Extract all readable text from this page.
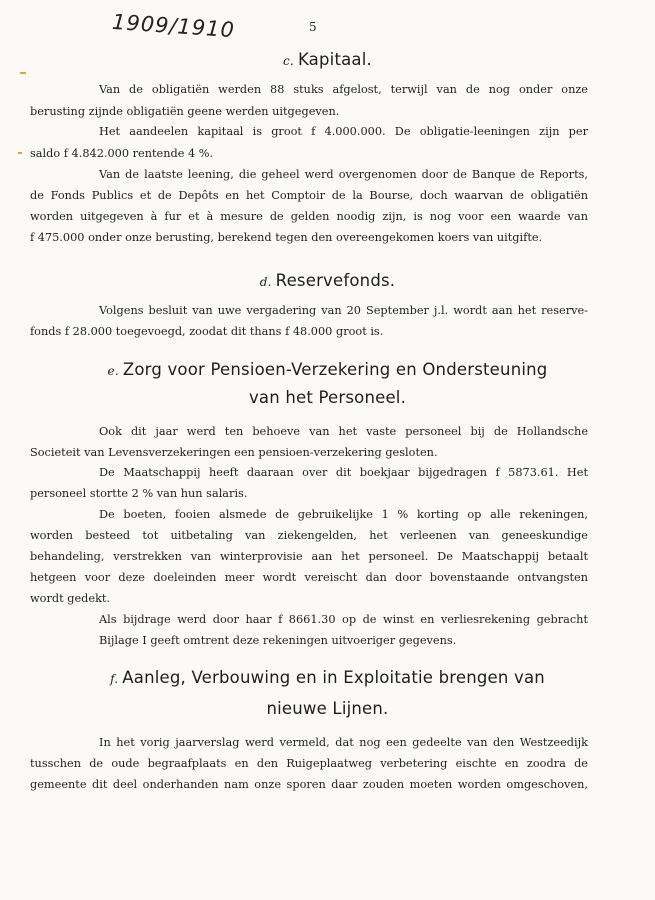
1909/1910	5
c. Kapitaal.
Van de obligatiën werden 88 stuks afgelost, terwijl van de nog onder onze
berusting zijnde obligatiën geene werden uitgegeven.
Het aandeelen kapitaal is groot f 4.000.000. De obligatie-leeningen zijn per
saldo f 4.842.000 rentende 4 %.
Van de laatste leening, die geheel werd overgenomen door de Banque de Reports,
de Fonds Publics et de Depôts en het Comptoir de la Bourse, doch waarvan de obligatiën
worden uitgegeven à fur et à mesure de gelden noodig zijn, is nog voor een waarde van
f 475.000 onder onze berusting, berekend tegen den overeengekomen koers van uitgifte.
d. Reservefonds.
Volgens besluit van uwe vergadering van 20 September j.l. wordt aan het reserve-
fonds f 28.000 toegevoegd, zoodat dit thans f 48.000 groot is.
e. Zorg voor Pensioen-Verzekering en Ondersteuning
van het Personeel.
Ook dit jaar werd ten behoeve van het vaste personeel bij de Hollandsche
Societeit van Levensverzekeringen een pensioen-verzekering gesloten.
De Maatschappij heeft daaraan over dit boekjaar bijgedragen f 5873.61. Het
personeel stortte 2 % van hun salaris.
De boeten, fooien alsmede de gebruikelijke 1 % korting op alle rekeningen,
worden besteed tot uitbetaling van ziekengelden, het verleenen van geneeskundige
behandeling, verstrekken van winterprovisie aan het personeel. De Maatschappij betaalt
hetgeen voor deze doeleinden meer wordt vereischt dan door bovenstaande ontvangsten
wordt gedekt.
Als bijdrage werd door haar f 8661.30 op de winst en verliesrekening gebracht
Bijlage I geeft omtrent deze rekeningen uitvoeriger gegevens.
f. Aanleg, Verbouwing en in Exploitatie brengen van
nieuwe Lijnen.
In het vorig jaarverslag werd vermeld, dat nog een gedeelte van den Westzeedijk
tusschen de oude begraafplaats en den Ruigeplaatweg verbetering eischte en zoodra de
gemeente dit deel onderhanden nam onze sporen daar zouden moeten worden omgeschoven,
